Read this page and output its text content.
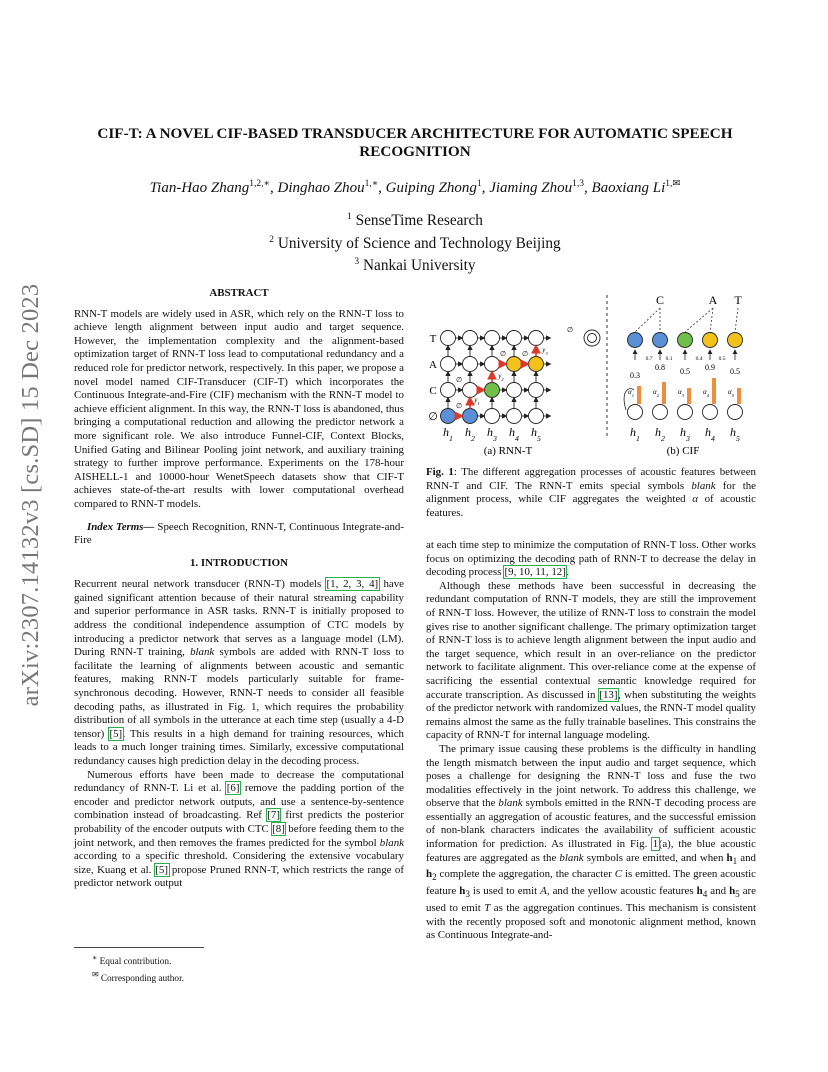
arXiv:2307.14132v3 [cs.SD] 15 Dec 2023
CIF-T: A NOVEL CIF-BASED TRANSDUCER ARCHITECTURE FOR AUTOMATIC SPEECH RECOGNITION
Tian-Hao Zhang$^{1,2,∗}$, Dinghao Zhou$^{1,∗}$, Guiping Zhong$^1$, Jiaming Zhou$^{1,3}$, Baoxiang $Li^{1,✉}$
$^1$ SenseTime Research
$^2$ University of Science and Technology Beijing
$^3$ Nankai University

ABSTRACT

RNN-T models are widely used in ASR, which rely on the RNN-T loss to achieve length alignment between input audio and target sequence. However, the implementation complexity and the alignment-based optimization target of RNN-T loss lead to computational redundancy and a reduced role for predictor network, respectively. In this paper, we propose a novel model named CIF-Transducer (CIF-T) which incorporates the Continuous Integrate-and-Fire (CIF) mechanism with the RNN-T model to achieve efficient alignment. In this way, the RNN-T loss is abandoned, thus bringing a computational reduction and allowing the predictor network a more significant role. We also introduce Funnel-CIF, Context Blocks, Unified Gating and Bilinear Pooling joint network, and auxiliary training strategy to further improve performance. Experiments on the 178-hour AISHELL-1 and 10000-hour WenetSpeech datasets show that CIF-T achieves state-of-the-art results with lower computational overhead compared to RNN-T models.

Index Terms— Speech Recognition, RNN-T, Continuous Integrate-and-Fire

1. INTRODUCTION

Recurrent neural network transducer (RNN-T) models [1, 2, 3, 4] have gained significant attention because of their natural streaming capability and superior performance in ASR tasks. RNN-T is initially proposed to address the conditional independence assumption of CTC models by introducing a predictor network that serves as a language model (LM). During RNN-T training, blank symbols are added with RNN-T loss to facilitate the learning of alignments between acoustic and semantic features, making RNN-T models particularly suitable for frame-synchronous decoding. However, RNN-T needs to consider all feasible decoding paths, as illustrated in Fig. 1, which requires the probability distribution of all symbols in the utterance at each time step (usually a 4-D tensor) [5]. This results in a high demand for training resources, which leads to a much longer training times. Similarly, excessive computational redundancy causes high prediction delay in the decoding process.

Numerous efforts have been made to decrease the computational redundancy of RNN-T. Li et al. [6] remove the padding portion of the encoder and predictor network outputs, and use a sentence-by-sentence combination instead of broadcasting. Ref [7] first predicts the posterior probability of the encoder outputs with CTC [8] before feeding them to the joint network, and then removes the frames predicted for the symbol blank according to a specific threshold. Considering the extensive vocabulary size, Kuang et al. [5] propose Pruned RNN-T, which restricts the range of predictor network output

∗ Equal contribution.

✉ Corresponding author.

T
A
C
∅
∅
∅
∅ ∅
∅
$y_1$
$y_2$
$y_3$
$h_1$ $h_2$ $h_3$ $h_4$ $h_5$
C	A T
0.8 0.5 0.9 0.5
0.3
0.7 0.1	0.4	0.5
$\alpha_1$	$\alpha_2$	$\alpha_3$	$\alpha_4$	$\alpha_5$
$h_1$ $h_2$ $h_3$ $h_4$ $h_5$
(a) RNN-T	(b) CIF
Fig. 1: The different aggregation processes of acoustic features between RNN-T and CIF. The RNN-T emits special symbols blank for the alignment process, while CIF aggregates the weighted α of acoustic features.

at each time step to minimize the computation of RNN-T loss. Other works focus on optimizing the decoding path of RNN-T to decrease the delay in decoding process [9, 10, 11, 12].

Although these methods have been successful in decreasing the redundant computation of RNN-T models, they are still the improvement of RNN-T loss. However, the utilize of RNN-T loss to constrain the model gives rise to another significant challenge. The primary optimization target of RNN-T loss is to achieve length alignment between the input audio and the target sequence, which result in an over-reliance on the predictor network to facilitate alignment. This over-reliance come at the expense of sacrificing the essential contextual semantic knowledge required for accurate transcription. As discussed in [13], when substituting the weights of the predictor network with randomized values, the RNN-T model quality remains almost the same as the fully trainable baselines. This constrains the capacity of RNN-T for internal language modeling.

The primary issue causing these problems is the difficulty in handling the length mismatch between the input audio and target sequence, which poses a challenge for designing the RNN-T loss and fuse the two modalities effectively in the joint network. To address this challenge, we observe that the blank symbols emitted in the RNN-T decoding process are essentially an aggregation of acoustic features, and the successful emission of non-blank characters indicates the availability of sufficient acoustic information for prediction. As illustrated in Fig. 1(a), the blue acoustic features are aggregated as the blank symbols are emitted, and when $h_1$ and $h_2$ complete the aggregation, the character C is emitted. The green acoustic feature $h_3$ is used to emit A, and the yellow acoustic features $h_4$ and $h_5$ are used to emit T as the aggregation continues. This mechanism is consistent with the recently proposed soft and monotonic alignment method, known as Continuous Integrate-and-
